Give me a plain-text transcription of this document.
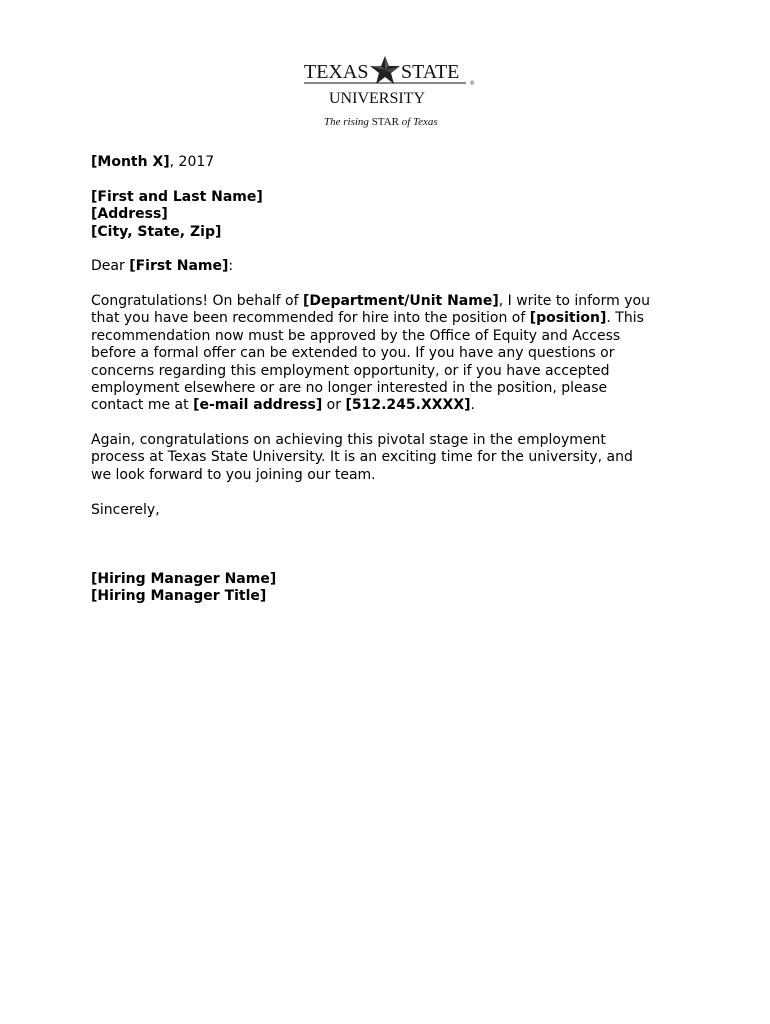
TEXAS STATE
®
UNIVERSITY
The rising STAR of Texas
[Month X], 2017
[First and Last Name]
[Address]
[City, State, Zip]
Dear [First Name]:
Congratulations! On behalf of [Department/Unit Name], I write to inform you
that you have been recommended for hire into the position of [position]. This
recommendation now must be approved by the Office of Equity and Access
before a formal offer can be extended to you. If you have any questions or
concerns regarding this employment opportunity, or if you have accepted
employment elsewhere or are no longer interested in the position, please
contact me at [e-mail address] or [512.245.XXXX].
Again, congratulations on achieving this pivotal stage in the employment
process at Texas State University. It is an exciting time for the university, and
we look forward to you joining our team.
Sincerely,
[Hiring Manager Name]
[Hiring Manager Title]
